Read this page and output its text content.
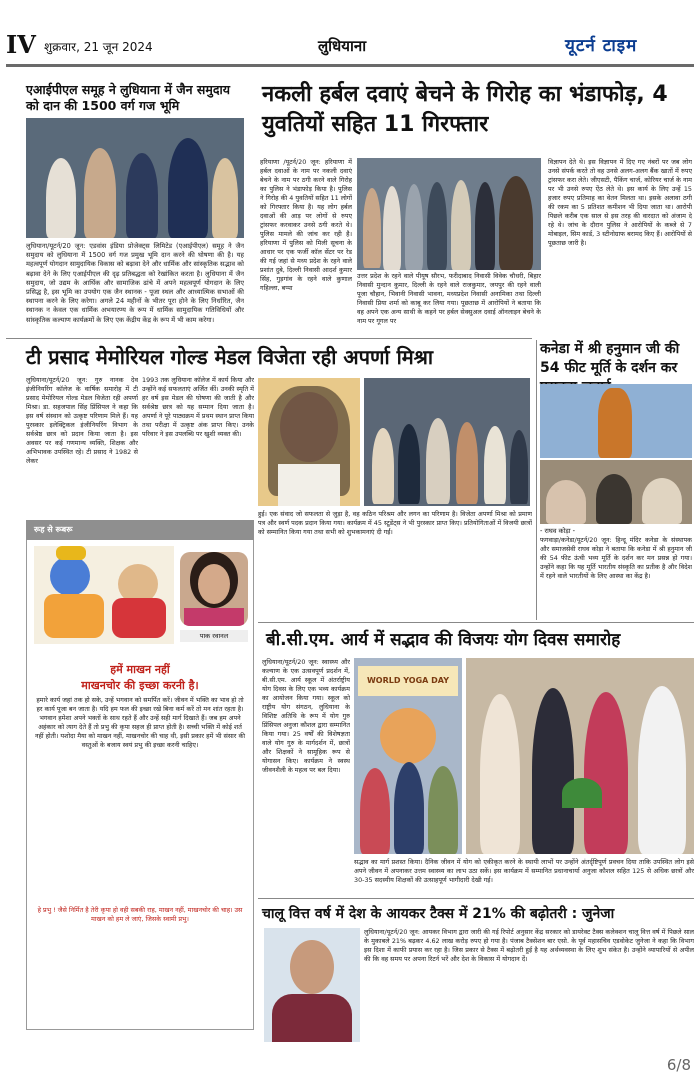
IV शुक्रवार, 21 जून 2024	लुधियाना	यूटर्न टाइम
एआईपीएल समूह ने लुधियाना में जैन समुदाय को दान की 1500 वर्ग गज भूमि
लुधियाना/यूटर्न/20 जून: एडवांस इंडिया प्रोजेक्ट्स लिमिटेड (एआईपीएल) समूह ने जैन समुदाय को लुधियाना में 1500 वर्ग गज प्रमुख भूमि दान करने की घोषणा की है। यह महत्वपूर्ण योगदान सामुदायिक विकास को बढ़ावा देने और धार्मिक और सांस्कृतिक सद्भाव को बढ़ावा देने के लिए एआईपीएल की दृढ़ प्रतिबद्धता को रेखांकित करता है। लुधियाना में जैन समुदाय, जो उद्यम के आर्थिक और सामाजिक ढांचे में अपने महत्वपूर्ण योगदान के लिए प्रसिद्ध है, इस भूमि का उपयोग एक जैन स्थानक - पूजा स्थल और आध्यात्मिक सभाओं की स्थापना करने के लिए करेगा। अगले 24 महीनों के भीतर पूरा होने के लिए निर्धारित, जैन स्थानक न केवल एक धार्मिक अभयारण्य के रूप में धार्मिक सामुदायिक गतिविधियों और सांस्कृतिक कल्याण कार्यक्रमों के लिए एक केंद्रीय केंद्र के रूप में भी काम करेगा।
नकली हर्बल दवाएं बेचने के गिरोह का भंडाफोड़, 4 युवतियों सहित 11 गिरफ्तार
हरियाणा /यूटर्न/20 जून: हरियाणा में हर्बल दवाओं के नाम पर नकली दवाएं बेचने के नाम पर ठगी करने वाले गिरोह का पुलिस ने भंडाफोड़ किया है। पुलिस ने गिरोह की 4 युवतियों सहित 11 लोगों को गिरफ्तार किया है। यह लोग हर्बल दवाओं की आड़ पर लोगों से रुपए ट्रांसफर करवाकर उनसे ठगी करते थे। पुलिस मामले की जांच कर रही है। हरियाणा में पुलिस को मिली सूचना के आधार पर एक फर्जी कॉल सेंटर पर रेड की गई जहां से मध्य प्रदेश के रहने वाले प्रशांत दुबे, दिल्ली निवासी आदर्श कुमार सिंह, गुड़गांव के रहने वाले कुणाल गहिल्ला, बप्पा
उत्तर प्रदेश के रहने वाले पीयूष सौरभ, फरीदाबाद निवासी विवेक चौधरी, बिहार निवासी मुन्दान कुमार, दिल्ली के रहने वाले राजकुमार, जयपुर की रहने वाली पूजा चौहान, भिवानी निवासी भावना, मध्यप्रदेश निवासी अनामिका तथा दिल्ली निवासी प्रिया शर्मा को काबू कर लिया गया। पूछताछ में आरोपियों ने बताया कि वह अपने एक अन्य साथी के कहने पर हर्बल सेक्सुअल दवाई ऑनलाइन बेचने के नाम पर गूगल पर
विज्ञापन देते थे। इस विज्ञापन में दिए गए नंबरों पर जब लोग उनसे संपर्क करते तो वह उनसे अलग-अलग बैंक खातों में रुपए ट्रांसफर करा लेते। जीएसटी, पैकिंग चार्ज, कोरियर चार्ज के नाम पर भी उनसे रुपए ऐंठ लेते थे। इस कार्य के लिए उन्हें 15 हजार रुपए प्रतिमाह का वेतन मिलता था। इसके अलावा ठगी की रकम का 5 प्रतिशत कमीशन भी दिया जाता था। आरोपी पिछले करीब एक साल से इस तरह की वारदात को अंजाम दे रहे थे। जांच के दौरान पुलिस ने आरोपियों के कब्जे से 7 मोबाइल, सिम कार्ड, 3 स्टीनोग्राफ बरामद किए हैं। आरोपियों से पूछताछ जारी है।
टी प्रसाद मेमोरियल गोल्ड मेडल विजेता रही अपर्णा मिश्रा
लुधियाना/यूटर्न/20 जून: गुरु नानक देव इंजीनियरिंग कॉलेज के वार्षिक समारोह में टी प्रसाद मेमोरियल गोल्ड मेडल विजेता रही अपर्णा मिश्रा। डा. सहजपाल सिंह प्रिंसिपल ने कहा कि इस वर्ष संस्थान को उत्कृष्ट परिणाम मिले हैं। यह पुरस्कार इलेक्ट्रिकल इंजीनियरिंग विभाग के सर्वश्रेष्ठ छात्र को प्रदान किया जाता है। इस अवसर पर कई गणमान्य व्यक्ति, शिक्षक और अभिभावक उपस्थित रहे। टी प्रसाद ने 1982 से लेकर
1993 तक लुधियाना कॉलेज में कार्य किया और उन्होंने कई सफलताएं अर्जित कीं। उनकी स्मृति में हर वर्ष इस मेडल की घोषणा की जाती है और सर्वश्रेष्ठ छात्र को यह सम्मान दिया जाता है। अपर्णा ने पूरे पाठ्यक्रम में प्रथम स्थान प्राप्त किया तथा परीक्षा में उत्कृष्ट अंक प्राप्त किए। उनके परिवार ने इस उपलब्धि पर खुशी व्यक्त की।
हुई। एक संवाद जो सफलता से जुड़ा है, वह कठिन परिश्रम और लगन का परिणाम है। विजेता अपर्णा मिश्रा को प्रमाण पत्र और स्वर्ण पदक प्रदान किया गया। कार्यक्रम में 45 स्टूडेंट्स ने भी पुरस्कार प्राप्त किए। प्रतियोगिताओं में विजयी छात्रों को सम्मानित किया गया तथा सभी को शुभकामनाएं दी गईं।
रूह से रूबरू
पाक रवानल
हमें माखन नहीं
माखनचोर की इच्छा करनी है।
हमारे कार्य जहां तक हो सके, उन्हें भगवान को समर्पित करें। जीवन में भक्ति का भाव हो तो हर कार्य पूजा बन जाता है। यदि हम फल की इच्छा रखे बिना कर्म करें तो मन शांत रहता है। भगवान हमेशा अपने भक्तों के साथ रहते हैं और उन्हें सही मार्ग दिखाते हैं। जब हम अपने अहंकार को त्याग देते हैं तो प्रभु की कृपा सहज ही प्राप्त होती है। सच्ची भक्ति में कोई शर्त नहीं होती। यशोदा मैया को माखन नहीं, माखनचोर की चाह थी, इसी प्रकार हमें भी संसार की वस्तुओं के बजाय स्वयं प्रभु की इच्छा करनी चाहिए।
हे प्रभु ! जैसे निर्मित है तेरी कृपा हो वही सबकी राह, माखन नहीं, माखनचोर की चाह। उस माखन को हम ले जाएं, जिसके स्वामी प्रभु।
कनेडा में श्री हनुमान जी की 54 फीट मूर्ति के दर्शन कर
- राघव कोड़ा -
फगवाड़ा/कनेडा/यूटर्न/20 जून: हिन्दू मंदिर कनेडा के संस्थापक और समाजसेवी राघव कोड़ा ने बताया कि कनेडा में श्री हनुमान जी की 54 फीट ऊंची भव्य मूर्ति के दर्शन कर मन प्रसन्न हो गया। उन्होंने कहा कि यह मूर्ति भारतीय संस्कृति का प्रतीक है और विदेश में रहने वाले भारतीयों के लिए आस्था का केंद्र है।
बी.सी.एम. आर्य में सद्भाव की विजयः योग दिवस समारोह
लुधियाना/यूटर्न/20 जून: स्वास्थ्य और कल्याण के एक उत्सवपूर्ण प्रदर्शन में, बी.सी.एम. आर्य स्कूल में अंतर्राष्ट्रीय योग दिवस के लिए एक भव्य कार्यक्रम का आयोजन किया गया। स्कूल को राष्ट्रीय योग संगठन, लुधियाना के विशिष्ट अतिथि के रूप में योग गुरु प्रिंसिपल अनुजा कौशल द्वारा सम्मानित किया गया। 25 वर्षों की विशेषज्ञता वाले योग गुरु के मार्गदर्शन में, छात्रों और शिक्षकों ने सामूहिक रूप से योगासन किए। कार्यक्रम ने स्वस्थ जीवनशैली के महत्व पर बल दिया।
WORLD YOGA DAY
सद्भाव का मार्ग प्रशस्त किया। दैनिक जीवन में योग को एकीकृत करने के स्थायी लाभों पर उन्होंने अंतर्दृष्टिपूर्ण प्रवचन दिया ताकि उपस्थित लोग इसे अपने जीवन में अपनाकर उत्तम स्वास्थ्य का लाभ उठा सकें। इस कार्यक्रम में सम्मानित प्रधानाचार्या अनुजा कौशल सहित 125 से अधिक छात्रों और 30-35 सदस्यीय शिक्षकों की उत्साहपूर्ण भागीदारी देखी गई।
चालू वित्त वर्ष में देश के आयकर टैक्स में 21% की बढ़ोतरी : जुनेजा
लुधियाना/यूटर्न/20 जून: आयकर विभाग द्वारा जारी की गई रिपोर्ट अनुसार केंद्र सरकार को डायरेक्ट टैक्स कलेक्शन चालू वित्त वर्ष में पिछले साल के मुकाबले 21% बढ़कर 4.62 लाख करोड़ रुपए हो गया है। पंजाब टैक्सेशन बार एसो. के पूर्व महासचिव एडवोकेट जुनेजा ने कहा कि विभाग इस दिशा में काफी प्रयास कर रहा है। जिस प्रकार से टैक्स में बढ़ोतरी हुई है यह अर्थव्यवस्था के लिए शुभ संकेत है। उन्होंने व्यापारियों से अपील की कि वह समय पर अपना रिटर्न भरें और देश के विकास में योगदान दें।
6/8
